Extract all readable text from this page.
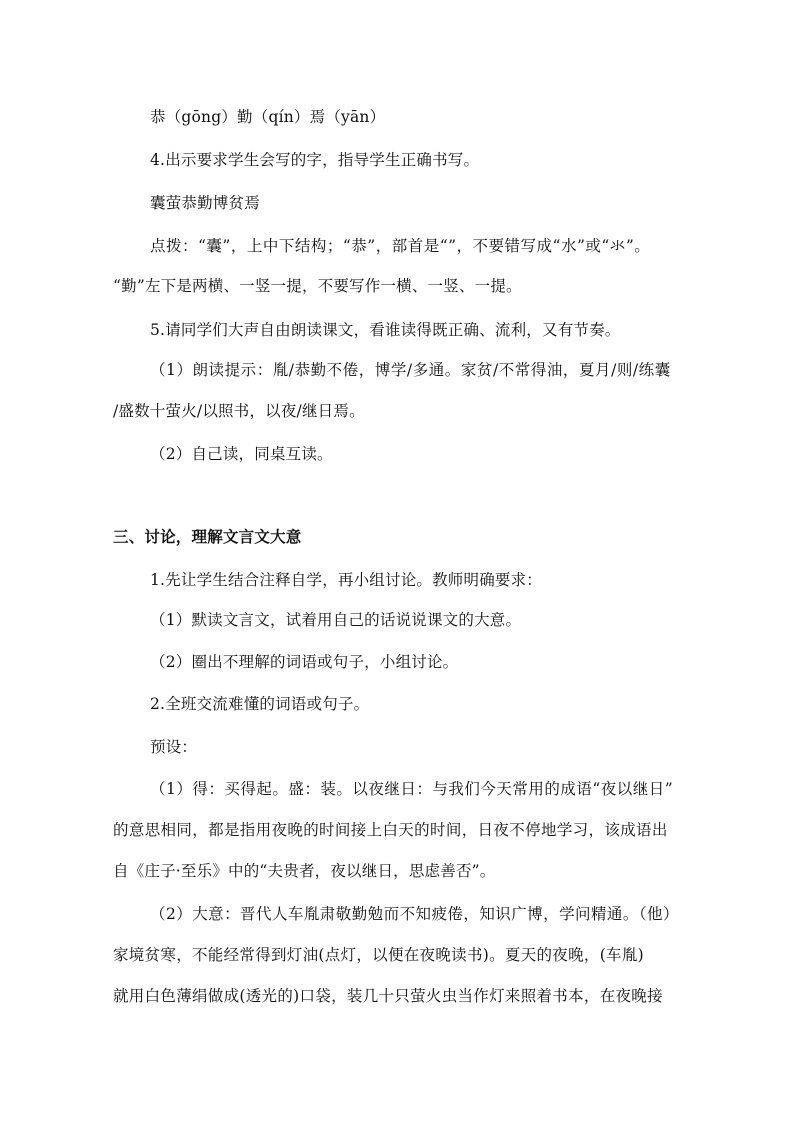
恭（gōng）勤（qín）焉（yān）
4.出示要求学生会写的字，指导学生正确书写。
囊萤恭勤博贫焉
点拨：“囊”，上中下结构；“恭”，部首是“”，不要错写成“水”或“氺”。
“勤”左下是两横、一竖一提，不要写作一横、一竖、一提。
5.请同学们大声自由朗读课文，看谁读得既正确、流利，又有节奏。
（1）朗读提示：胤/恭勤不倦，博学/多通。家贫/不常得油，夏月/则/练囊
/盛数十萤火/以照书，以夜/继日焉。
（2）自己读，同桌互读。
三、讨论，理解文言文大意
1.先让学生结合注释自学，再小组讨论。教师明确要求：
（1）默读文言文，试着用自己的话说说课文的大意。
（2）圈出不理解的词语或句子，小组讨论。
2.全班交流难懂的词语或句子。
预设：
（1）得：买得起。盛：装。以夜继日：与我们今天常用的成语“夜以继日”
的意思相同，都是指用夜晚的时间接上白天的时间，日夜不停地学习，该成语出
自《庄子·至乐》中的“夫贵者，夜以继日，思虑善否”。
（2）大意：晋代人车胤肃敬勤勉而不知疲倦，知识广博，学问精通。（他）
家境贫寒，不能经常得到灯油(点灯，以便在夜晚读书)。夏天的夜晚，(车胤)
就用白色薄绢做成(透光的)口袋，装几十只萤火虫当作灯来照着书本，在夜晚接
